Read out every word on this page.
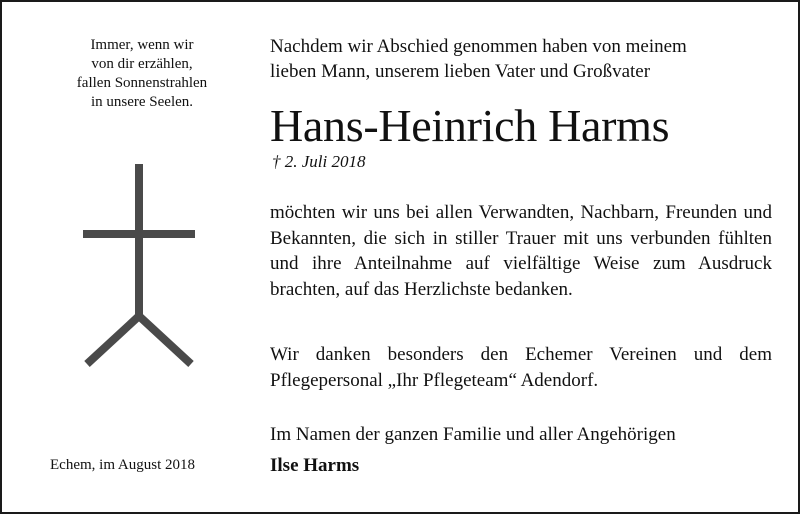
Immer, wenn wir
von dir erzählen,
fallen Sonnenstrahlen
in unsere Seelen.
Echem, im August 2018
Nachdem wir Abschied genommen haben von meinem
lieben Mann, unserem lieben Vater und Großvater
Hans-Heinrich Harms
† 2. Juli 2018
möchten wir uns bei allen Verwandten, Nachbarn, Freunden und Bekannten, die sich in stiller Trauer mit uns verbunden fühlten und ihre Anteilnahme auf vielfältige Weise zum Ausdruck brachten, auf das Herzlichste bedanken.
Wir danken besonders den Echemer Vereinen und dem Pflegepersonal „Ihr Pflegeteam“ Adendorf.
Im Namen der ganzen Familie und aller Angehörigen
Ilse Harms
